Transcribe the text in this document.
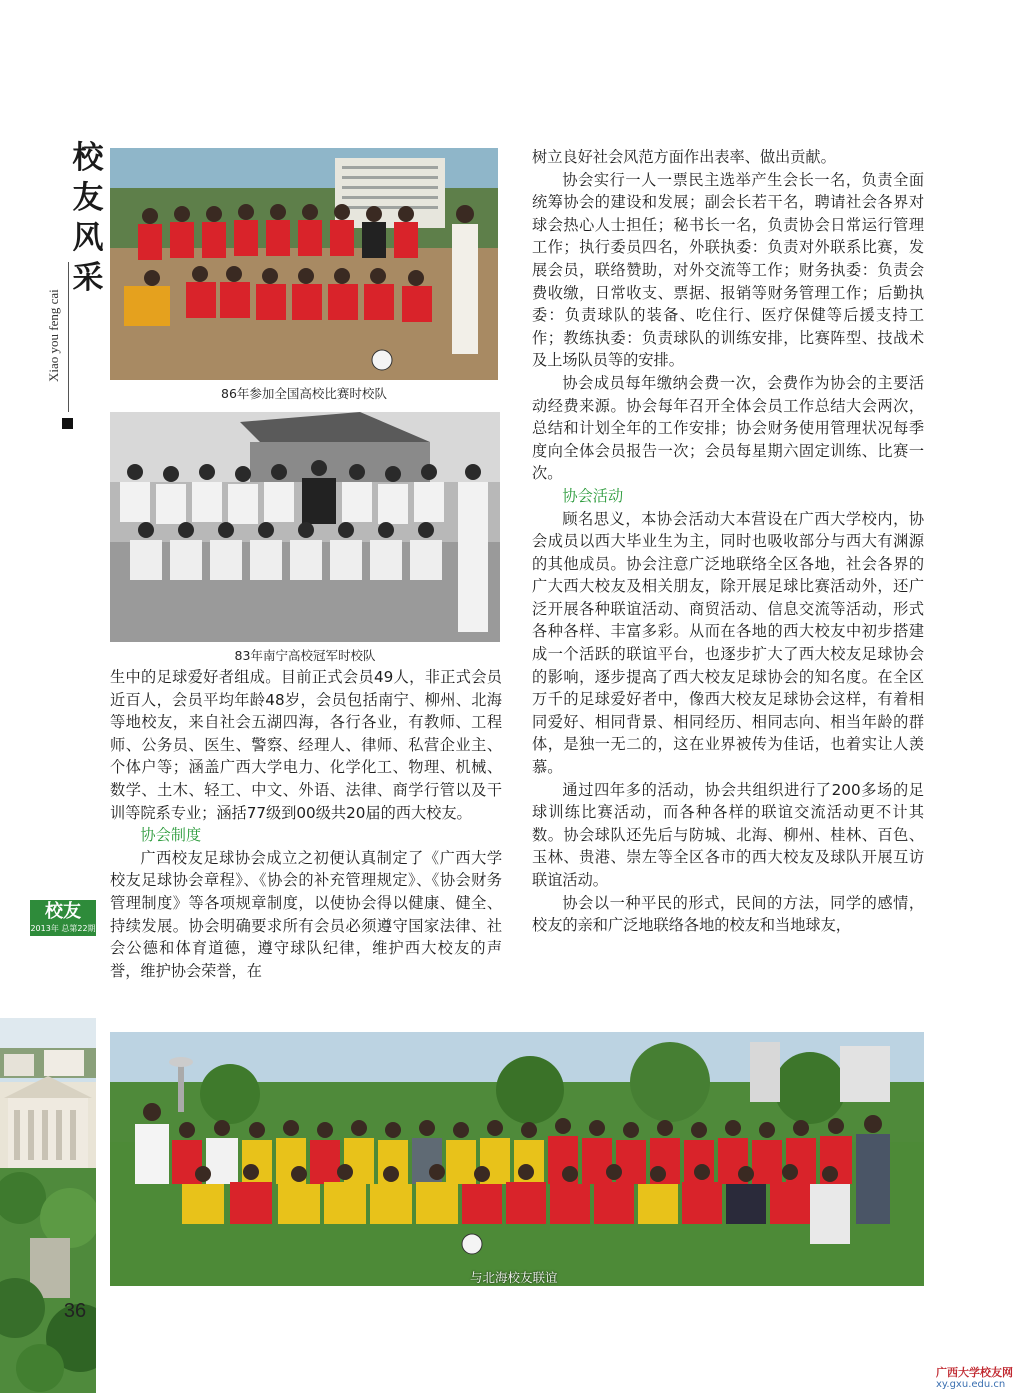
校
友
风
采
Xiao you feng cai
校友
2013年 总第22期
36
86年参加全国高校比赛时校队
83年南宁高校冠军时校队

生中的足球爱好者组成。目前正式会员49人，非正式会员近百人，会员平均年龄48岁，会员包括南宁、柳州、北海等地校友，来自社会五湖四海，各行各业，有教师、工程师、公务员、医生、警察、经理人、律师、私营企业主、个体户等；涵盖广西大学电力、化学化工、物理、机械、数学、土木、轻工、中文、外语、法律、商学行管以及干训等院系专业；涵括77级到00级共20届的西大校友。

协会制度

广西校友足球协会成立之初便认真制定了《广西大学校友足球协会章程》、《协会的补充管理规定》、《协会财务管理制度》等各项规章制度，以使协会得以健康、健全、持续发展。协会明确要求所有会员必须遵守国家法律、社会公德和体育道德，遵守球队纪律，维护西大校友的声誉，维护协会荣誉，在

树立良好社会风范方面作出表率、做出贡献。

协会实行一人一票民主选举产生会长一名，负责全面统筹协会的建设和发展；副会长若干名，聘请社会各界对球会热心人士担任；秘书长一名，负责协会日常运行管理工作；执行委员四名，外联执委：负责对外联系比赛，发展会员，联络赞助，对外交流等工作；财务执委：负责会费收缴，日常收支、票据、报销等财务管理工作；后勤执委：负责球队的装备、吃住行、医疗保健等后援支持工作；教练执委：负责球队的训练安排，比赛阵型、技战术及上场队员等的安排。

协会成员每年缴纳会费一次，会费作为协会的主要活动经费来源。协会每年召开全体会员工作总结大会两次，总结和计划全年的工作安排；协会财务使用管理状况每季度向全体会员报告一次；会员每星期六固定训练、比赛一次。

协会活动

顾名思义，本协会活动大本营设在广西大学校内，协会成员以西大毕业生为主，同时也吸收部分与西大有渊源的其他成员。协会注意广泛地联络全区各地，社会各界的广大西大校友及相关朋友，除开展足球比赛活动外，还广泛开展各种联谊活动、商贸活动、信息交流等活动，形式各种各样、丰富多彩。从而在各地的西大校友中初步搭建成一个活跃的联谊平台，也逐步扩大了西大校友足球协会的影响，逐步提高了西大校友足球协会的知名度。在全区万千的足球爱好者中，像西大校友足球协会这样，有着相同爱好、相同背景、相同经历、相同志向、相当年龄的群体，是独一无二的，这在业界被传为佳话，也着实让人羡慕。

通过四年多的活动，协会共组织进行了200多场的足球训练比赛活动，而各种各样的联谊交流活动更不计其数。协会球队还先后与防城、北海、柳州、桂林、百色、玉林、贵港、崇左等全区各市的西大校友及球队开展互访联谊活动。

协会以一种平民的形式，民间的方法，同学的感情，校友的亲和广泛地联络各地的校友和当地球友，

与北海校友联谊
广西大学校友网
xy.gxu.edu.cn
